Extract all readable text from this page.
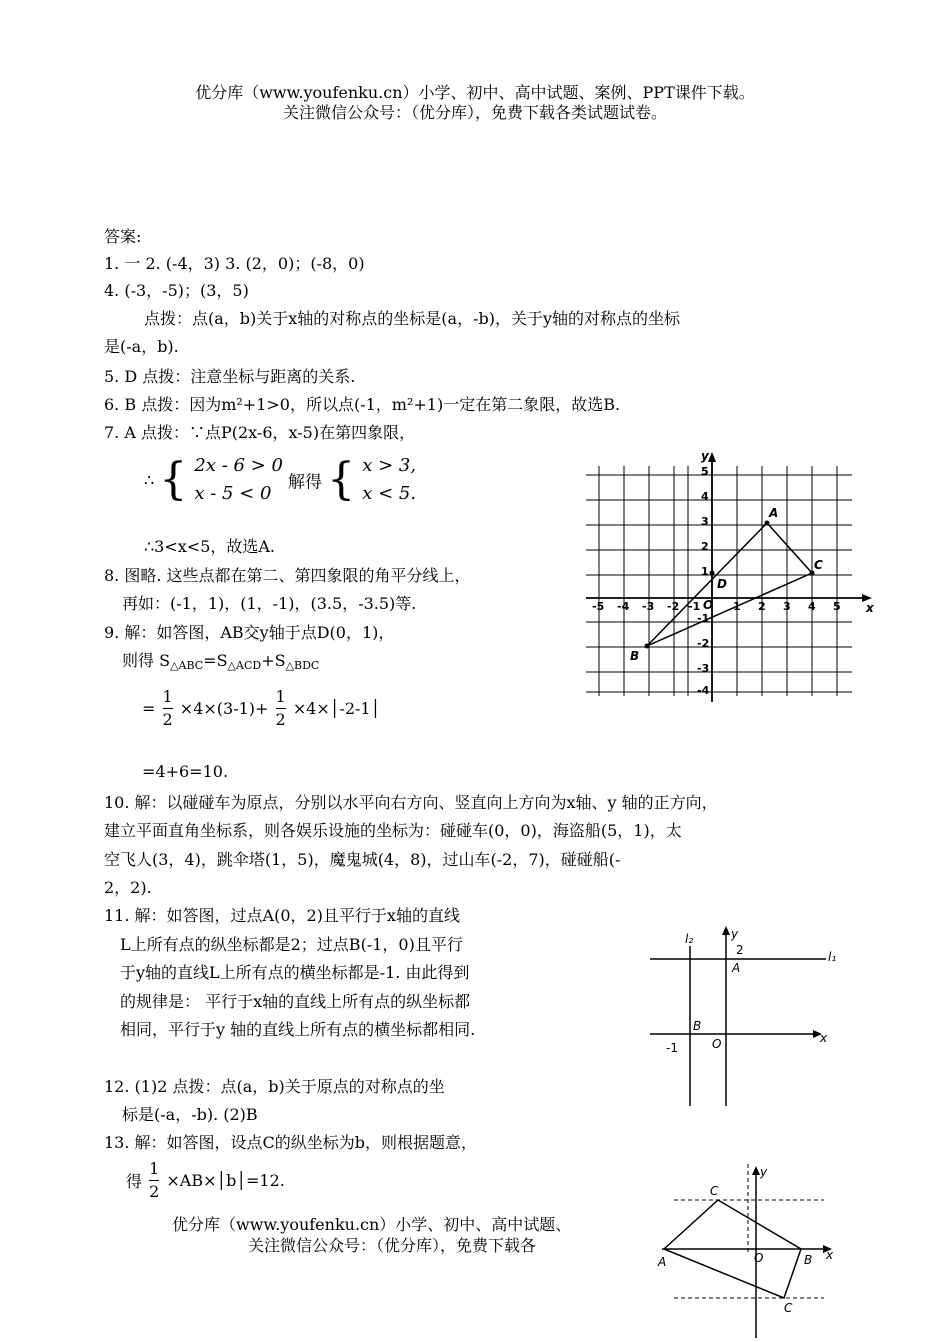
优分库（www.youfenku.cn）小学、初中、高中试题、案例、PPT课件下载。
关注微信公众号：（优分库），免费下载各类试题试卷。
答案:
1. 一 2. (-4，3) 3. (2，0)；(-8，0)
4. (-3，-5)；(3，5)
点拨：点(a，b)关于x轴的对称点的坐标是(a，-b)，关于y轴的对称点的坐标
是(-a，b).
5. D 点拨：注意坐标与距离的关系.
6. B 点拨：因为m²+1>0，所以点(-1，m²+1)一定在第二象限，故选B.
7. A 点拨：∵点P(2x-6，x-5)在第四象限，
∴ { 2x - 6 > 0
x - 5 < 0
解得 { x > 3,
x < 5.
∴3<x<5，故选A.
8. 图略. 这些点都在第二、第四象限的角平分线上，
再如：(-1，1)，(1，-1)，(3.5，-3.5)等.
9. 解：如答图，AB交y轴于点D(0，1)，
则得 $S_{\triangle ABC}=S_{\triangle ACD}+S_{\triangle BDC}$
= $\frac{1}{2} \times 4\times(3-1)+ \frac{1}{2}$ ×4×│-2-1│
=4+6=10.
10. 解：以碰碰车为原点，分别以水平向右方向、竖直向上方向为x轴、y 轴的正方向，
建立平面直角坐标系，则各娱乐设施的坐标为：碰碰车(0，0)，海盗船(5，1)，太
空飞人(3，4)，跳伞塔(1，5)，魔鬼城(4，8)，过山车(-2，7)，碰碰船(-
2，2).
11. 解：如答图，过点A(0，2)且平行于x轴的直线
L上所有点的纵坐标都是2；过点B(-1，0)且平行
于y轴的直线L上所有点的横坐标都是-1. 由此得到
的规律是： 平行于x轴的直线上所有点的纵坐标都
相同，平行于y 轴的直线上所有点的横坐标都相同.
12. (1)2 点拨：点(a，b)关于原点的对称点的坐
标是(-a，-b). (2)B
13. 解：如答图，设点C的纵坐标为b，则根据题意，
得 $\frac{1}{2}$ ×AB×│b│=12.
优分库（www.youfenku.cn）小学、初中、高中试题、
关注微信公众号：（优分库），免费下载各
-5 -4 -3 -2 -1	1 2 3 4 5
5
4
3
2
1
-1
-2
-3
-4
x
y
O
A
B
C
D
l₁
l₂
A
B
O	x
y
2
-1
C
A	B
C
O	x
y
